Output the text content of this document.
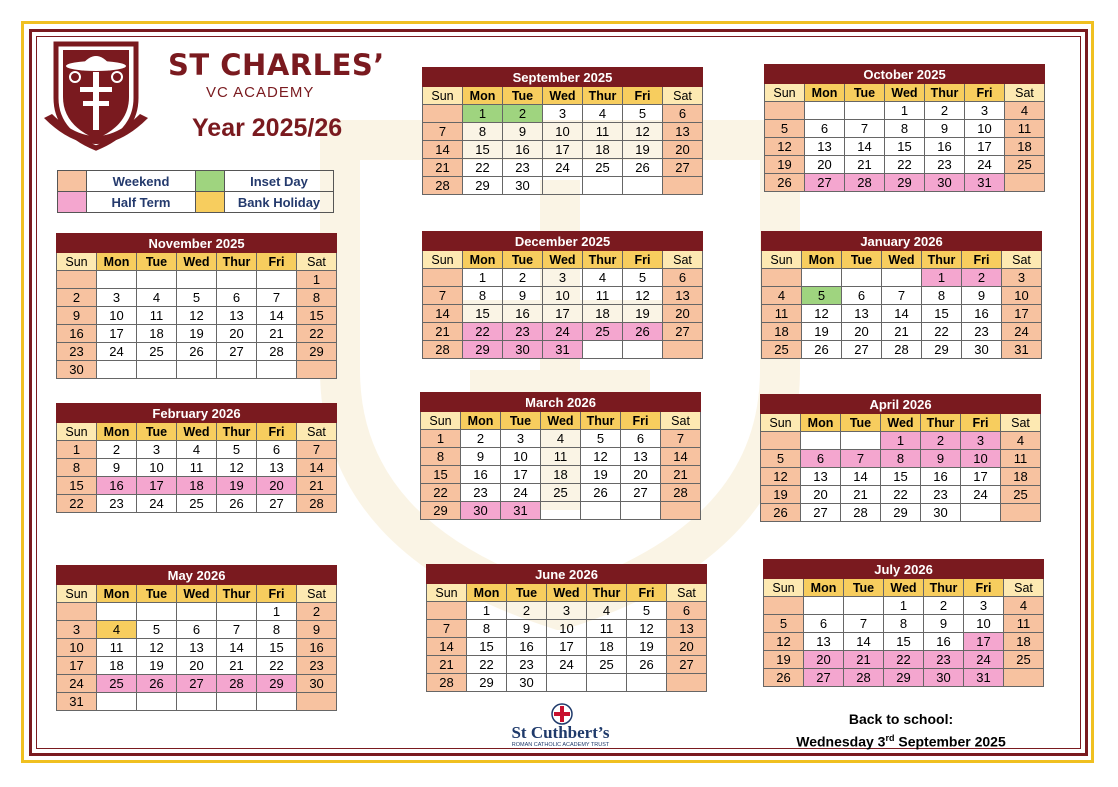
ST CHARLES’
VC ACADEMY
Year 2025/26
	Weekend		Inset Day
	Half Term		Bank Holiday
September 2025						
Sun	Mon	Tue	Wed	Thur	Fri	Sat
	1	2	3	4	5	6
7	8	9	10	11	12	13
14	15	16	17	18	19	20
21	22	23	24	25	26	27
28	29	30				
October 2025						
Sun	Mon	Tue	Wed	Thur	Fri	Sat
			1	2	3	4
5	6	7	8	9	10	11
12	13	14	15	16	17	18
19	20	21	22	23	24	25
26	27	28	29	30	31	
November 2025						
Sun	Mon	Tue	Wed	Thur	Fri	Sat
						1
2	3	4	5	6	7	8
9	10	11	12	13	14	15
16	17	18	19	20	21	22
23	24	25	26	27	28	29
30						
December 2025						
Sun	Mon	Tue	Wed	Thur	Fri	Sat
	1	2	3	4	5	6
7	8	9	10	11	12	13
14	15	16	17	18	19	20
21	22	23	24	25	26	27
28	29	30	31			
January 2026						
Sun	Mon	Tue	Wed	Thur	Fri	Sat
				1	2	3
4	5	6	7	8	9	10
11	12	13	14	15	16	17
18	19	20	21	22	23	24
25	26	27	28	29	30	31
February 2026						
Sun	Mon	Tue	Wed	Thur	Fri	Sat
1	2	3	4	5	6	7
8	9	10	11	12	13	14
15	16	17	18	19	20	21
22	23	24	25	26	27	28
March 2026						
Sun	Mon	Tue	Wed	Thur	Fri	Sat
1	2	3	4	5	6	7
8	9	10	11	12	13	14
15	16	17	18	19	20	21
22	23	24	25	26	27	28
29	30	31				
April 2026						
Sun	Mon	Tue	Wed	Thur	Fri	Sat
			1	2	3	4
5	6	7	8	9	10	11
12	13	14	15	16	17	18
19	20	21	22	23	24	25
26	27	28	29	30		
May 2026						
Sun	Mon	Tue	Wed	Thur	Fri	Sat
					1	2
3	4	5	6	7	8	9
10	11	12	13	14	15	16
17	18	19	20	21	22	23
24	25	26	27	28	29	30
31						
June 2026						
Sun	Mon	Tue	Wed	Thur	Fri	Sat
	1	2	3	4	5	6
7	8	9	10	11	12	13
14	15	16	17	18	19	20
21	22	23	24	25	26	27
28	29	30				
July 2026						
Sun	Mon	Tue	Wed	Thur	Fri	Sat
			1	2	3	4
5	6	7	8	9	10	11
12	13	14	15	16	17	18
19	20	21	22	23	24	25
26	27	28	29	30	31	
St Cuthbert’s
ROMAN CATHOLIC ACADEMY TRUST
Back to school:
Wednesday 3rd September 2025
